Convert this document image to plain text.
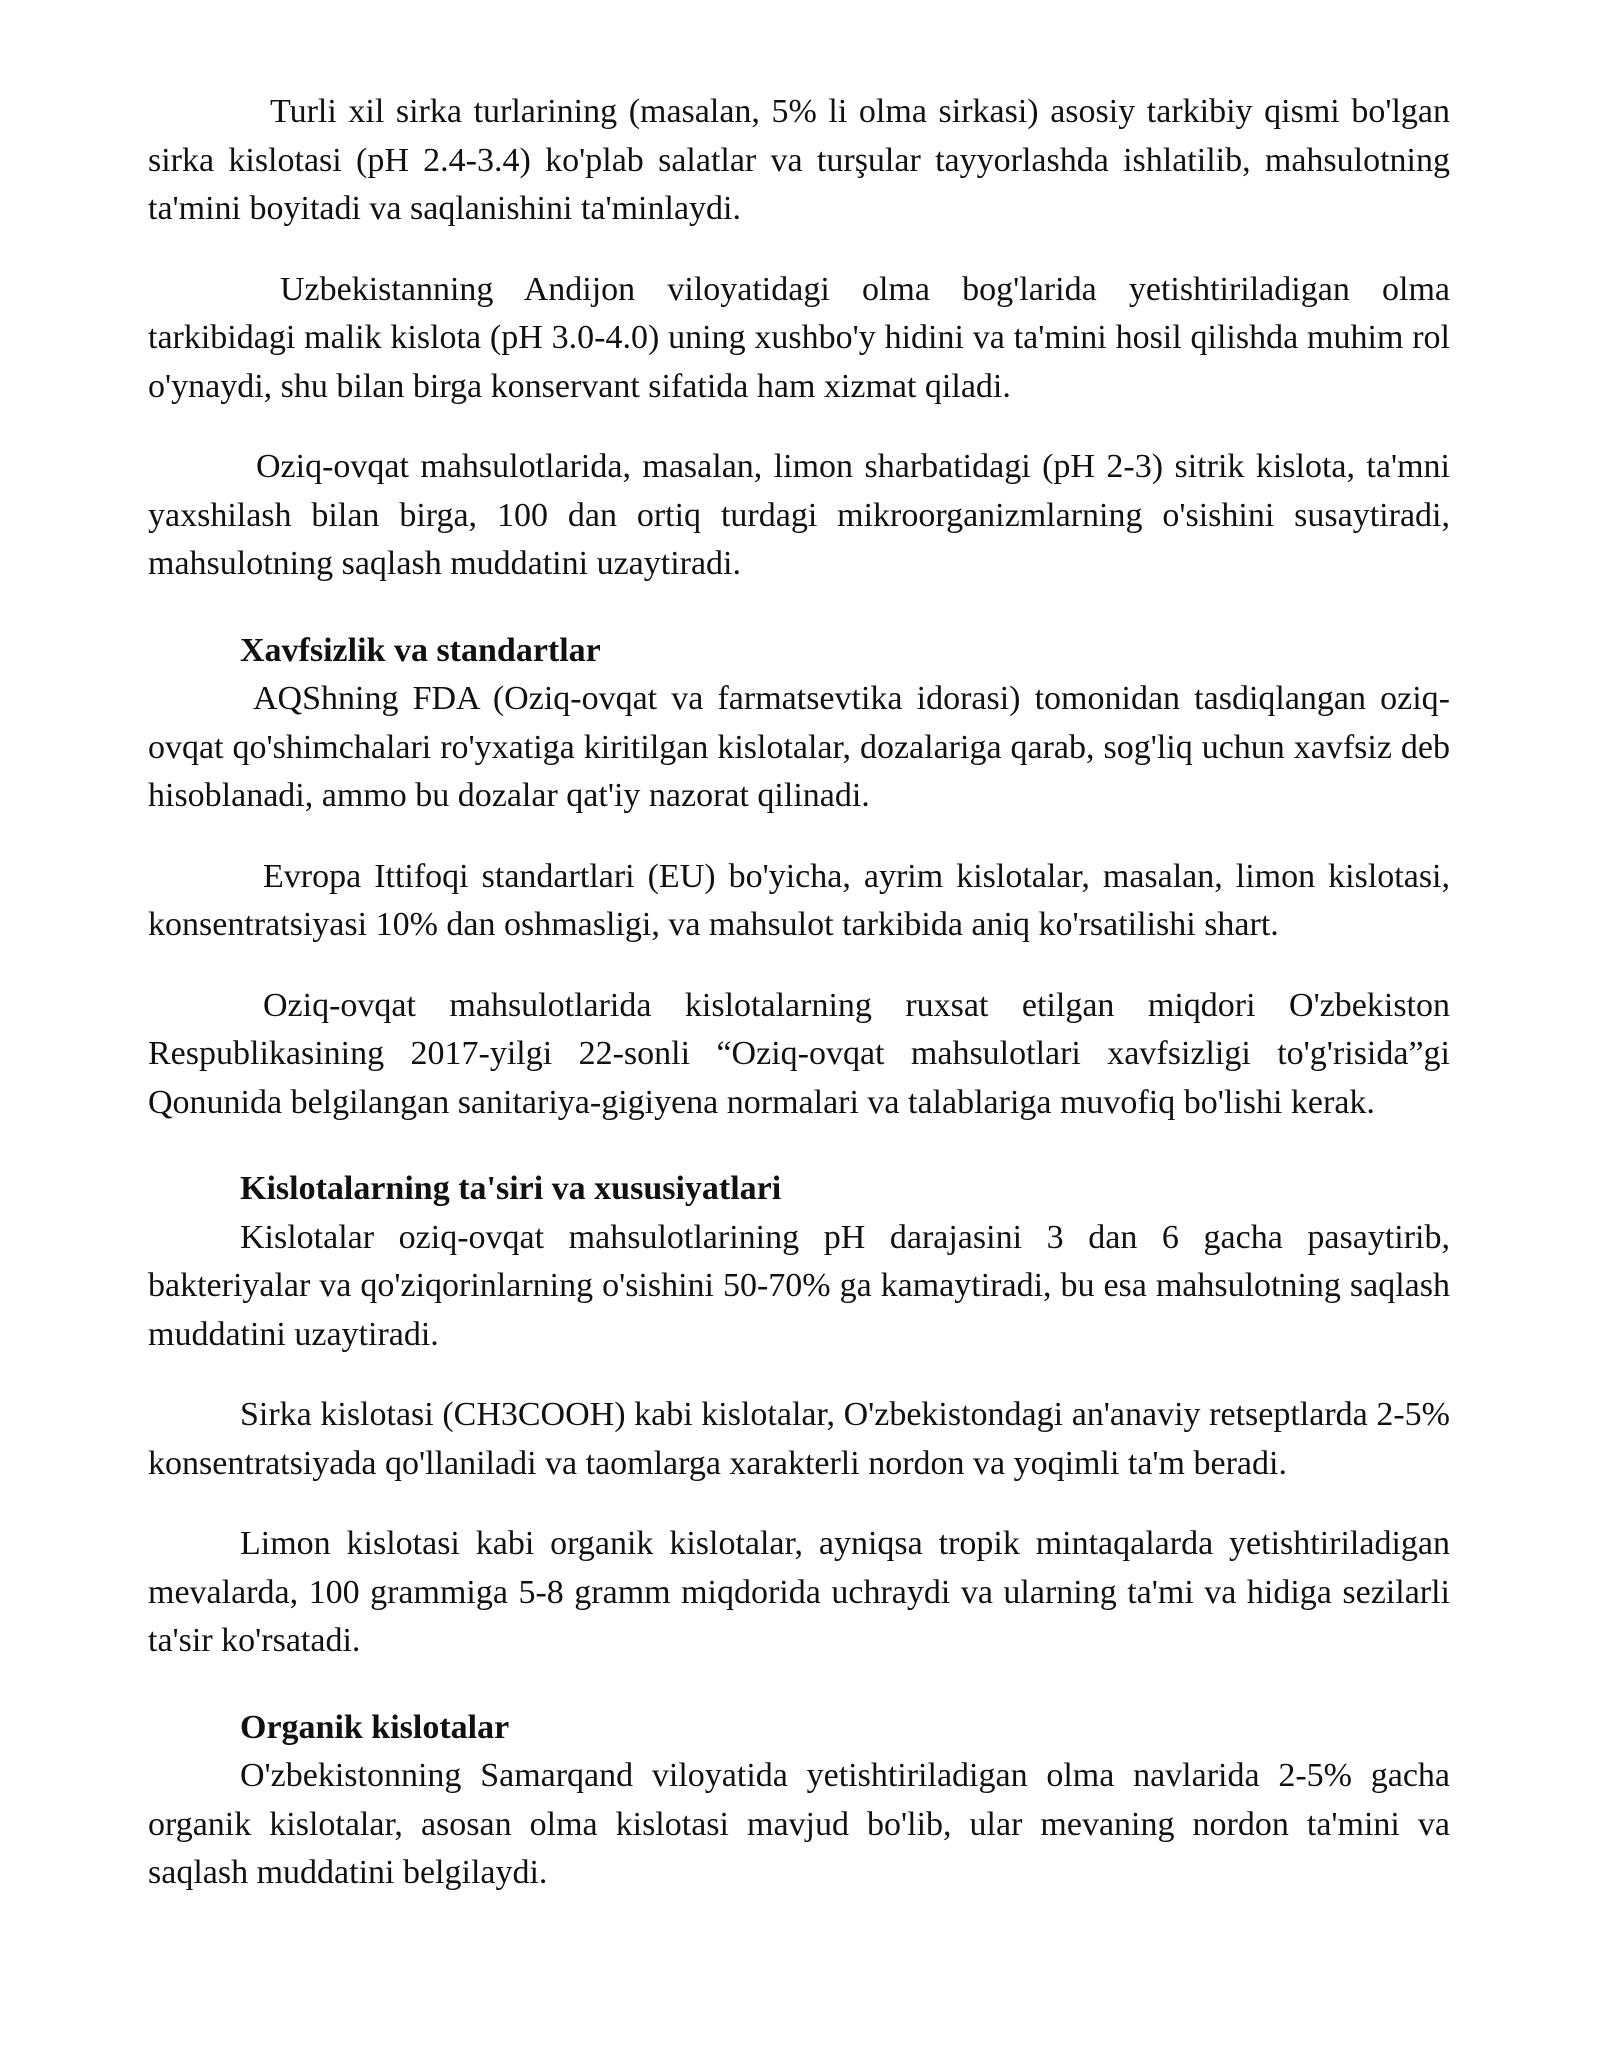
Turli xil sirka turlarining (masalan, 5% li olma sirkasi) asosiy tarkibiy qismi bo'lgan sirka kislotasi (pH 2.4-3.4) ko'plab salatlar va turşular tayyorlashda ishlatilib, mahsulotning ta'mini boyitadi va saqlanishini ta'minlaydi.

Uzbekistanning Andijon viloyatidagi olma bog'larida yetishtiriladigan olma tarkibidagi malik kislota (pH 3.0-4.0) uning xushbo'y hidini va ta'mini hosil qilishda muhim rol o'ynaydi, shu bilan birga konservant sifatida ham xizmat qiladi.

Oziq-ovqat mahsulotlarida, masalan, limon sharbatidagi (pH 2-3) sitrik kislota, ta'mni yaxshilash bilan birga, 100 dan ortiq turdagi mikroorganizmlarning o'sishini susaytiradi, mahsulotning saqlash muddatini uzaytiradi.

Xavfsizlik va standartlar

AQShning FDA (Oziq-ovqat va farmatsevtika idorasi) tomonidan tasdiqlangan oziq-ovqat qo'shimchalari ro'yxatiga kiritilgan kislotalar, dozalariga qarab, sog'liq uchun xavfsiz deb hisoblanadi, ammo bu dozalar qat'iy nazorat qilinadi.

Evropa Ittifoqi standartlari (EU) bo'yicha, ayrim kislotalar, masalan, limon kislotasi, konsentratsiyasi 10% dan oshmasligi, va mahsulot tarkibida aniq ko'rsatilishi shart.

Oziq-ovqat mahsulotlarida kislotalarning ruxsat etilgan miqdori O'zbekiston Respublikasining 2017-yilgi 22-sonli “Oziq-ovqat mahsulotlari xavfsizligi to'g'risida”gi Qonunida belgilangan sanitariya-gigiyena normalari va talablariga muvofiq bo'lishi kerak.

Kislotalarning ta'siri va xususiyatlari

Kislotalar oziq-ovqat mahsulotlarining pH darajasini 3 dan 6 gacha pasaytirib, bakteriyalar va qo'ziqorinlarning o'sishini 50-70% ga kamaytiradi, bu esa mahsulotning saqlash muddatini uzaytiradi.

Sirka kislotasi (CH3COOH) kabi kislotalar, O'zbekistondagi an'anaviy retseptlarda 2-5% konsentratsiyada qo'llaniladi va taomlarga xarakterli nordon va yoqimli ta'm beradi.

Limon kislotasi kabi organik kislotalar, ayniqsa tropik mintaqalarda yetishtiriladigan mevalarda, 100 grammiga 5-8 gramm miqdorida uchraydi va ularning ta'mi va hidiga sezilarli ta'sir ko'rsatadi.

Organik kislotalar

O'zbekistonning Samarqand viloyatida yetishtiriladigan olma navlarida 2-5% gacha organik kislotalar, asosan olma kislotasi mavjud bo'lib, ular mevaning nordon ta'mini va saqlash muddatini belgilaydi.
